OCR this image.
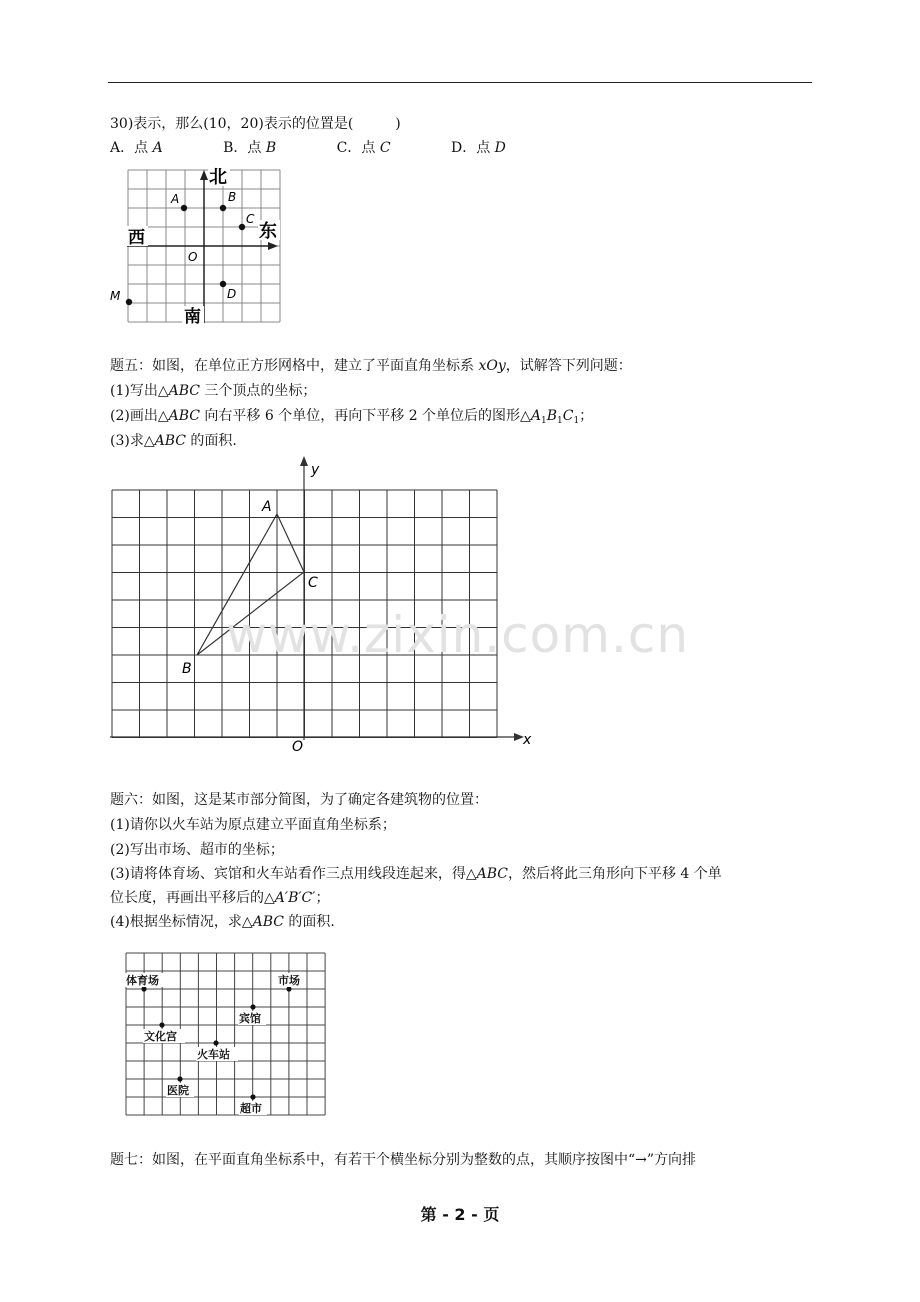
30)表示，那么(10，20)表示的位置是(　　　)
A．点 A	B．点 B	C．点 C	D．点 D
北
东
西
南
O
A	B
C
D
M
题五：如图，在单位正方形网格中，建立了平面直角坐标系 xOy，试解答下列问题：
(1)写出△ABC 三个顶点的坐标；
(2)画出△ABC 向右平移 6 个单位，再向下平移 2 个单位后的图形$\triangle A_1B_1C_1$；
(3)求△ABC 的面积.
y
x
O
A
B
C
www.zixin.com.cn
题六：如图，这是某市部分简图，为了确定各建筑物的位置：
(1)请你以火车站为原点建立平面直角坐标系；
(2)写出市场、超市的坐标；
(3)请将体育场、宾馆和火车站看作三点用线段连起来，得△ABC，然后将此三角形向下平移 4 个单
位长度，再画出平移后的△A′B′C′；
(4)根据坐标情况，求△ABC 的面积.
体育场	市场
宾馆
文化宫
火车站
医院
超市
题七：如图，在平面直角坐标系中，有若干个横坐标分别为整数的点，其顺序按图中“→”方向排
第 - 2 - 页
